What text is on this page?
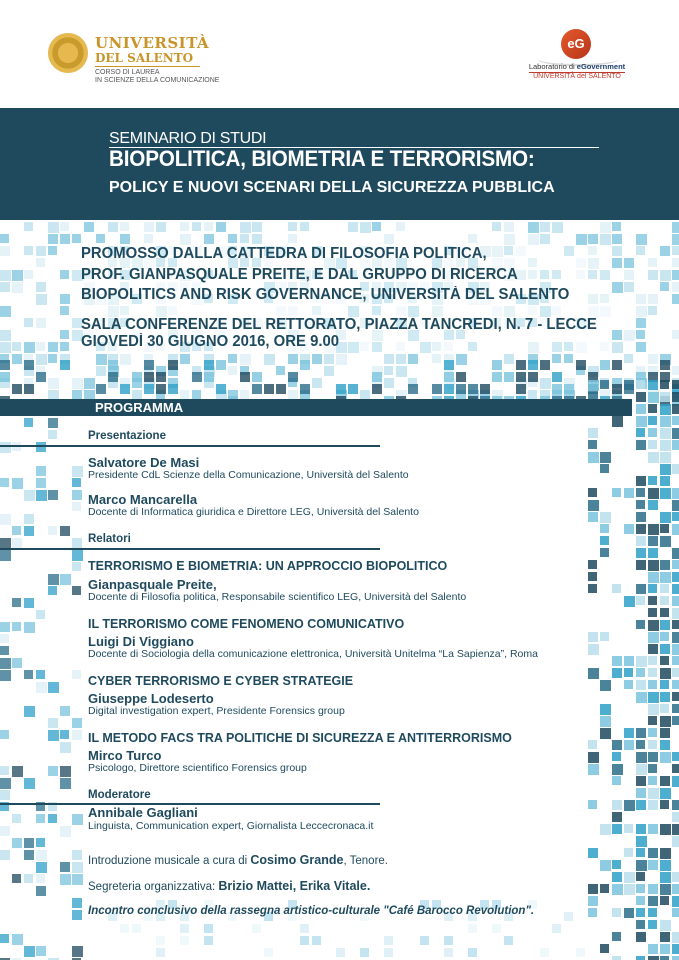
UNIVERSITÀ
DEL SALENTO
CORSO DI LAUREA
IN SCIENZE DELLA COMUNICAZIONE
eG
Laboratorio di eGovernment
UNIVERSITÀ del SALENTO
SEMINARIO DI STUDI
BIOPOLITICA, BIOMETRIA E TERRORISMO:
POLICY E NUOVI SCENARI DELLA SICUREZZA PUBBLICA
PROMOSSO DALLA CATTEDRA DI FILOSOFIA POLITICA,
PROF. GIANPASQUALE PREITE, E DAL GRUPPO DI RICERCA
BIOPOLITICS AND RISK GOVERNANCE, UNIVERSITÀ DEL SALENTO
SALA CONFERENZE DEL RETTORATO, PIAZZA TANCREDI, N. 7 - LECCE
GIOVEDÌ 30 GIUGNO 2016, ORE 9.00
PROGRAMMA
Presentazione
Salvatore De Masi
Presidente CdL Scienze della Comunicazione, Università del Salento
Marco Mancarella
Docente di Informatica giuridica e Direttore LEG, Università del Salento
Relatori
TERRORISMO E BIOMETRIA: UN APPROCCIO BIOPOLITICO
Gianpasquale Preite,
Docente di Filosofia politica, Responsabile scientifico LEG, Università del Salento
IL TERRORISMO COME FENOMENO COMUNICATIVO
Luigi Di Viggiano
Docente di Sociologia della comunicazione elettronica, Università Unitelma “La Sapienza”, Roma
CYBER TERRORISMO E CYBER STRATEGIE
Giuseppe Lodeserto
Digital investigation expert, Presidente Forensics group
IL METODO FACS TRA POLITICHE DI SICUREZZA E ANTITERRORISMO
Mirco Turco
Psicologo, Direttore scientifico Forensics group
Moderatore
Annibale Gagliani
Linguista, Communication expert, Giornalista Leccecronaca.it
Introduzione musicale a cura di Cosimo Grande, Tenore.
Segreteria organizzativa: Brizio Mattei, Erika Vitale.
Incontro conclusivo della rassegna artistico-culturale "Café Barocco Revolution".
